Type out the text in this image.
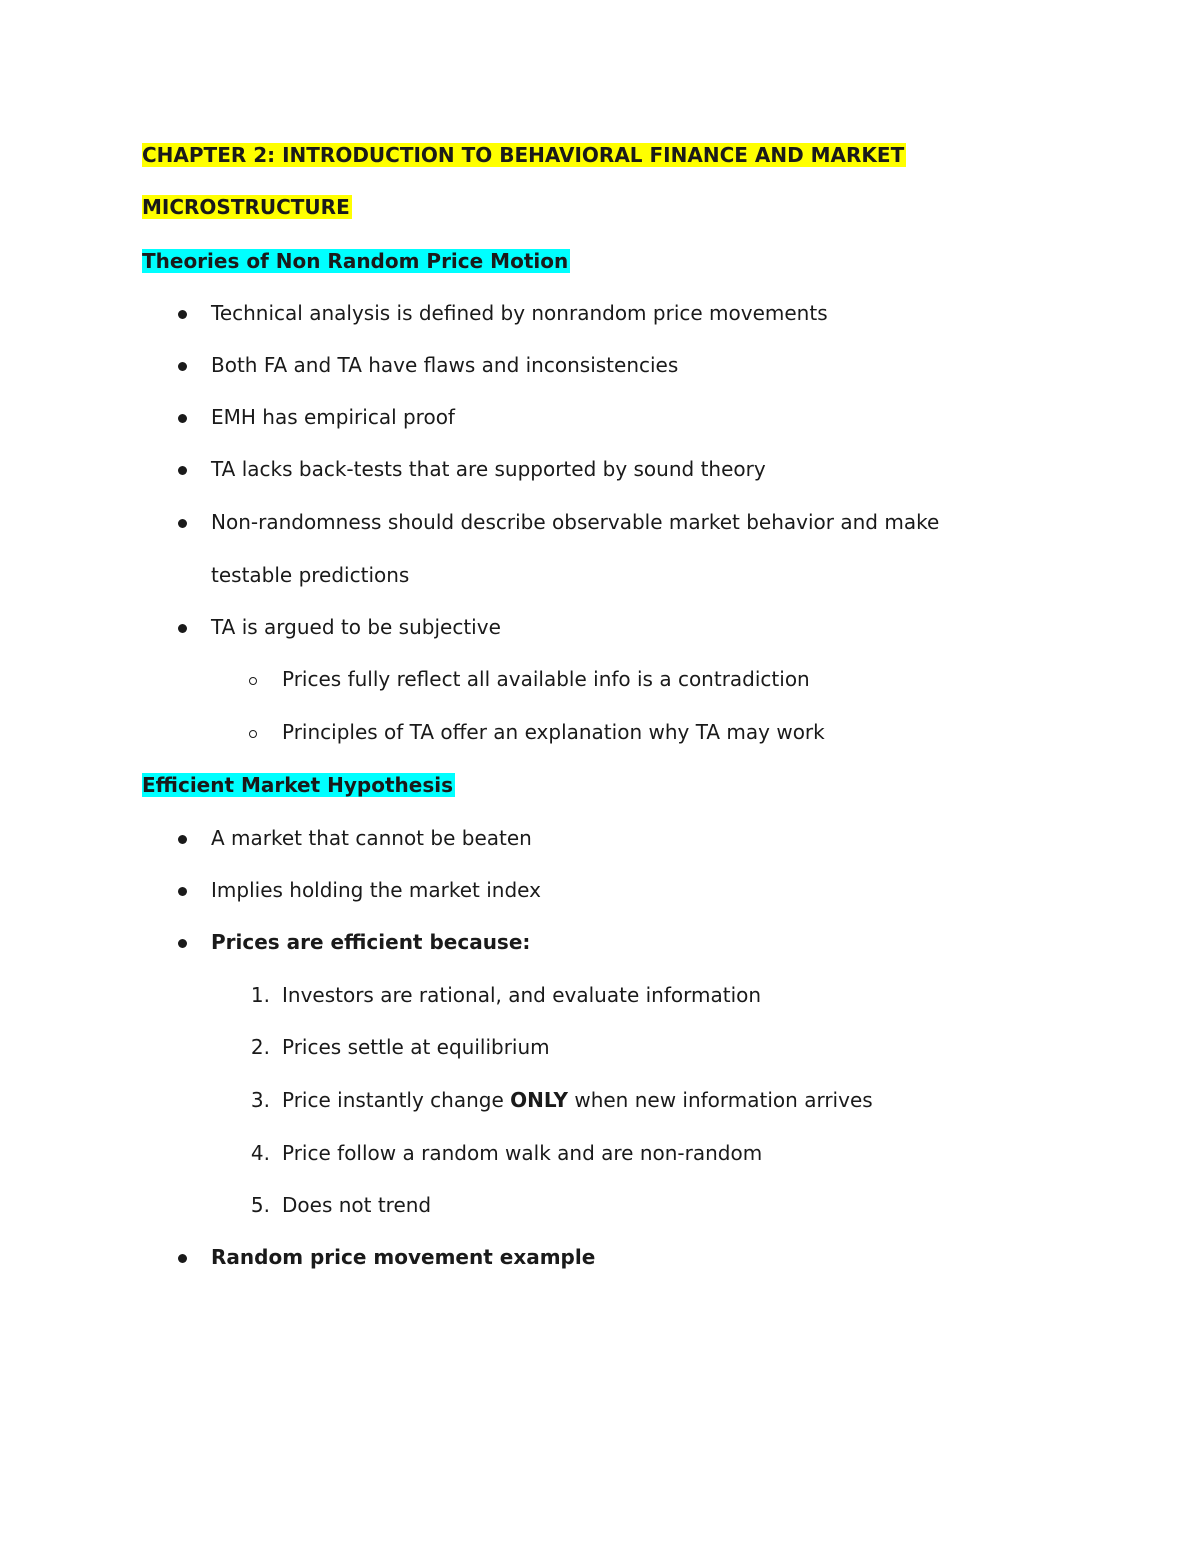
CHAPTER 2: INTRODUCTION TO BEHAVIORAL FINANCE AND MARKET
MICROSTRUCTURE
Theories of Non Random Price Motion
Technical analysis is defined by nonrandom price movements
Both FA and TA have flaws and inconsistencies
EMH has empirical proof
TA lacks back-tests that are supported by sound theory
Non-randomness should describe observable market behavior and make
testable predictions
TA is argued to be subjective
Prices fully reflect all available info is a contradiction
Principles of TA offer an explanation why TA may work
Efficient Market Hypothesis
A market that cannot be beaten
Implies holding the market index
Prices are efficient because:
1. Investors are rational, and evaluate information
2. Prices settle at equilibrium
3. Price instantly change ONLY when new information arrives
4. Price follow a random walk and are non-random
5. Does not trend
Random price movement example
